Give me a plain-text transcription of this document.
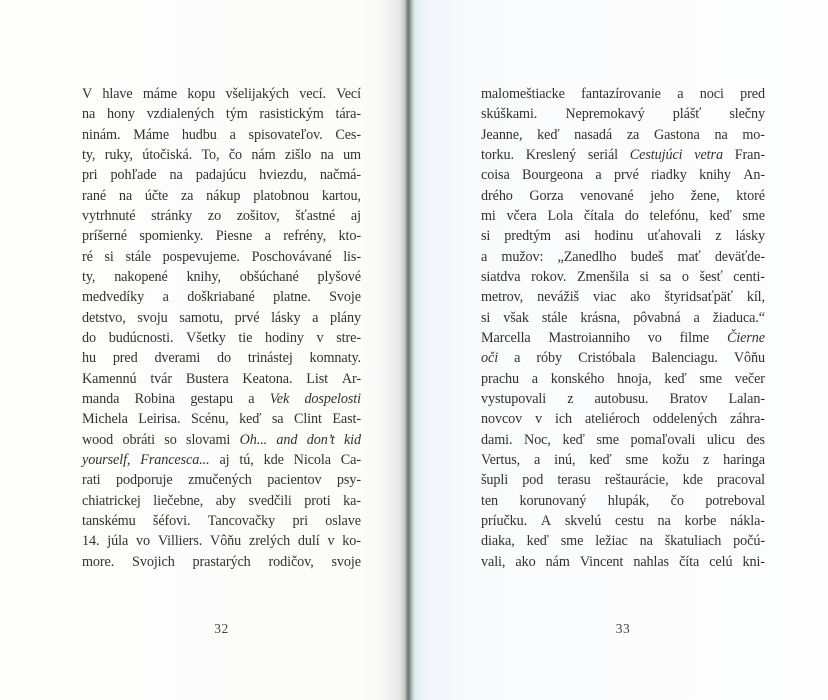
V hlave máme kopu všelijakých vecí. Vecí
na hony vzdialených tým rasistickým tára-
ninám. Máme hudbu a spisovateľov. Ces-
ty, ruky, útočiská. To, čo nám zišlo na um
pri pohľade na padajúcu hviezdu, načmá-
rané na účte za nákup platobnou kartou,
vytrhnuté stránky zo zošitov, šťastné aj
príšerné spomienky. Piesne a refrény, kto-
ré si stále pospevujeme. Poschovávané lis-
ty, nakopené knihy, obšúchané plyšové
medvedíky a doškriabané platne. Svoje
detstvo, svoju samotu, prvé lásky a plány
do budúcnosti. Všetky tie hodiny v stre-
hu pred dverami do trinástej komnaty.
Kamennú tvár Bustera Keatona. List Ar-
manda Robina gestapu a Vek dospelosti
Michela Leirisa. Scénu, keď sa Clint East-
wood obráti so slovami Oh... and don’t kid
yourself, Francesca... aj tú, kde Nicola Ca-
rati podporuje zmučených pacientov psy-
chiatrickej liečebne, aby svedčili proti ka-
tanskému šéfovi. Tancovačky pri oslave
14. júla vo Villiers. Vôňu zrelých dulí v ko-
more. Svojich prastarých rodičov, svoje
malomeštiacke fantazírovanie a noci pred
skúškami. Nepremokavý plášť slečny
Jeanne, keď nasadá za Gastona na mo-
torku. Kreslený seriál Cestujúci vetra Fran-
coisa Bourgeona a prvé riadky knihy An-
drého Gorza venované jeho žene, ktoré
mi včera Lola čítala do telefónu, keď sme
si predtým asi hodinu uťahovali z lásky
a mužov: „Zanedlho budeš mať deväťde-
siatdva rokov. Zmenšila si sa o šesť centi-
metrov, nevážiš viac ako štyridsaťpäť kíl,
si však stále krásna, pôvabná a žiaduca.“
Marcella Mastroianniho vo filme Čierne
oči a róby Cristóbala Balenciagu. Vôňu
prachu a konského hnoja, keď sme večer
vystupovali z autobusu. Bratov Lalan-
novcov v ich ateliéroch oddelených záhra-
dami. Noc, keď sme pomaľovali ulicu des
Vertus, a inú, keď sme kožu z haringa
šupli pod terasu reštaurácie, kde pracoval
ten korunovaný hlupák, čo potreboval
príučku. A skvelú cestu na korbe nákla-
diaka, keď sme ležiac na škatuliach počú-
vali, ako nám Vincent nahlas číta celú kni-
32	33
